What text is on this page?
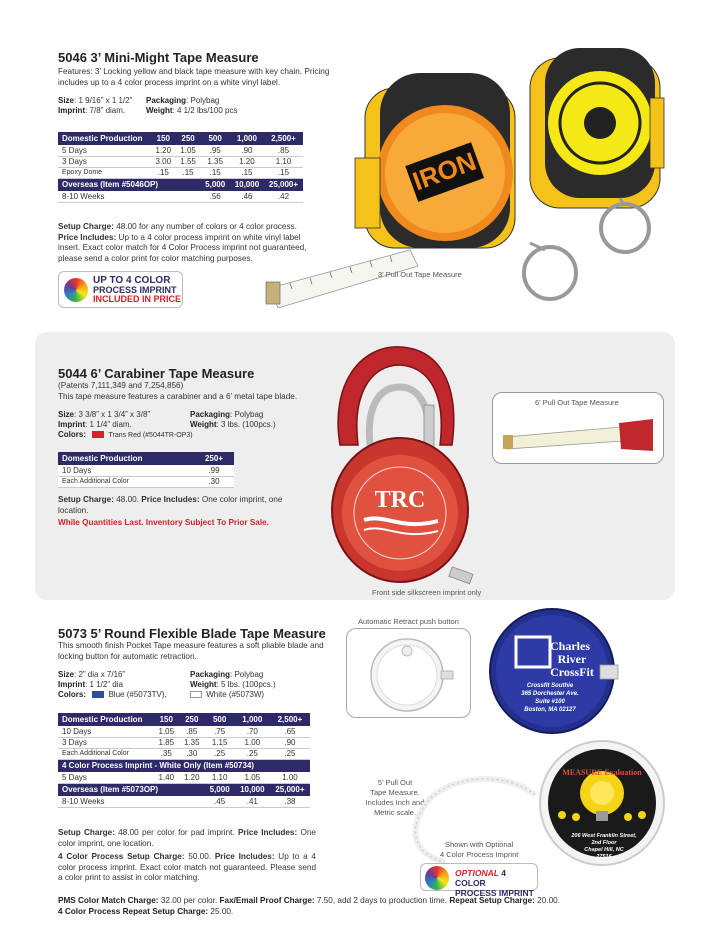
5046 3’ Mini-Might Tape Measure
Features: 3’ Locking yellow and black tape measure with key chain. Pricing includes up to a 4 color process imprint on a white vinyl label.
Size: 1 9/16” x 1 1/2”
Imprint: 7/8” diam.
Packaging: Polybag
Weight: 4 1/2 lbs/100 pcs
Domestic Production	150	250	500	1,000	2,500+
5 Days	1.20	1.05	.95	.90	.85
3 Days	3.00	1.55	1.35	1.20	1.10
Epoxy Dome	.15	.15	.15	.15	.15
Overseas (Item #5046OP)			5,000	10,000	25,000+
8-10 Weeks			.56	.46	.42
Setup Charge: 48.00 for any number of colors or 4 color process.
Price Includes: Up to a 4 color process imprint on white vinyl label insert. Exact color match for 4 Color Process imprint not guaranteed, please send a color print for color matching purposes.
UP TO 4 COLOR
PROCESS IMPRINT
INCLUDED IN PRICE
IRON
3’ Pull Out Tape Measure
5044 6’ Carabiner Tape Measure
(Patents 7,111,349 and 7,254,856)
This tape measure features a carabiner and a 6’ metal tape blade.
Size: 3 3/8” x 1 3/4” x 3/8”
Imprint: 1 1/4” diam.
Colors:	Trans Red (#5044TR-OP3)
Packaging: Polybag
Weight: 3 lbs. (100pcs.)
Domestic Production	250+
10 Days	.99
Each Additional Color	.30
Setup Charge: 48.00. Price Includes: One color imprint, one location.
While Quantities Last. Inventory Subject To Prior Sale.
TRC
Front side silkscreen imprint only
6’ Pull Out Tape Measure
5073 5’ Round Flexible Blade Tape Measure
This smooth finish Pocket Tape measure features a soft pliable blade and locking button for automatic retraction.
Size: 2” dia x 7/16”
Imprint: 1 1/2” dia
Colors:	Blue (#5073TV),
Packaging: Polybag
Weight: 5 lbs. (100pcs.)
White (#5073W)
Domestic Production	150	250	500	1,000	2,500+
10 Days	1.05	.85	.75	.70	.65
3 Days	1.85	1.35	1.15	1.00	.90
Each Additional Color	.35	.30	.25	.25	.25
4 Color Process Imprint - White Only (Item #50734)					
5 Days	1.40	1.20	1.10	1.05	1.00
Overseas (Item #5073OP)			5,000	10,000	25,000+
8-10 Weeks			.45	.41	.38
Setup Charge: 48.00 per color for pad imprint. Price Includes: One color imprint, one location.
4 Color Process Setup Charge: 50.00. Price Includes: Up to a 4 color process imprint. Exact color match not guaranteed. Please send a color print to assist in color matching.
Automatic Retract push button
Charles
River
CrossFit
Crossfit Southie
365 Dorchester Ave.
Suite #100
Boston, MA 02127
5’ Pull Out
Tape Measure.
Includes Inch and
Metric scale.
MEASURE Evaluation
206 West Franklin Street,
2nd Floor
Chapel Hill, NC
27516
Shown with Optional
4 Color Process Imprint
OPTIONAL 4 COLOR
PROCESS IMPRINT
PMS Color Match Charge: 32.00 per color. Fax/Email Proof Charge: 7.50, add 2 days to production time. Repeat Setup Charge: 20.00.
4 Color Process Repeat Setup Charge: 25.00.
